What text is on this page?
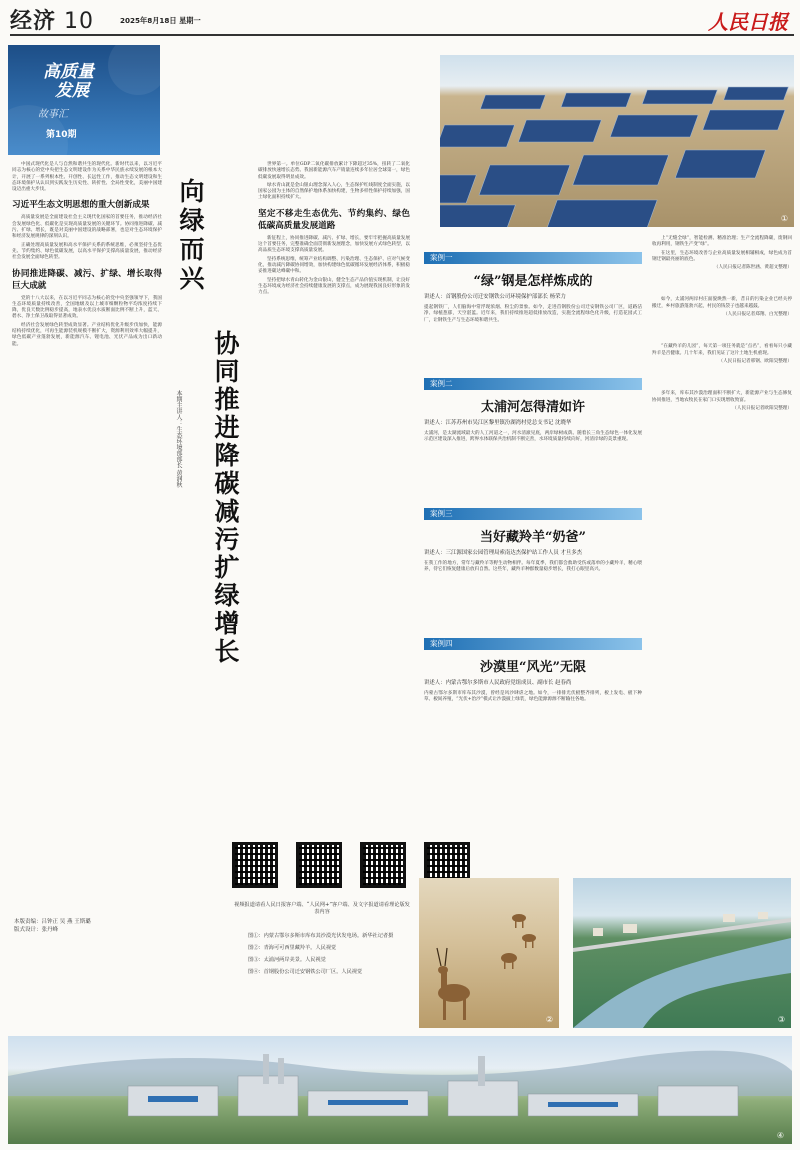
经济 10	2025年8月18日 星期一	人民日报
高质量
发展
故事汇
第10期

中国式现代化是人与自然和谐共生的现代化。新时代以来，以习近平同志为核心的党中央把生态文明建设作为关系中华民族永续发展的根本大计，开展了一系列根本性、开创性、长远性工作，推动生态文明建设和生态环境保护从认识到实践发生历史性、转折性、全局性变化，美丽中国建设迈出重大步伐。

习近平生态文明思想的重大创新成果

高质量发展是全面建设社会主义现代化国家的首要任务，推动经济社会发展绿色化、低碳化是实现高质量发展的关键环节。协同推进降碳、减污、扩绿、增长，既是对美丽中国建设的战略部署，也是对生态环境保护和经济发展规律的深刻认识。

正确处理高质量发展和高水平保护关系的系统思维，必须坚持生态优先、节约集约、绿色低碳发展，以高水平保护支撑高质量发展，推动经济社会发展全面绿色转型。

协同推进降碳、减污、扩绿、增长取得巨大成就

党的十八大以来，在以习近平同志为核心的党中央坚强领导下，我国生态环境质量持续改善，全国地级及以上城市细颗粒物平均浓度持续下降，优良天数比例稳步提高，地表水优良水质断面比例不断上升，蓝天、碧水、净土保卫战取得显著成效。

经济社会发展绿色转型成效显著。产业结构优化升级步伐加快，能源结构持续优化，可再生能源装机规模不断扩大，资源利用效率大幅提升，绿色低碳产业蓬勃发展，新能源汽车、锂电池、光伏产品成为出口新动能。

本版责编：吕钟正 吴 燕 王斯璐
版式设计：张丹峰
向绿而兴
协同推进降碳减污扩绿增长
本期主讲人：生态环境部部长 黄润秋

世界第一。单位GDP二氧化碳排放累计下降超过35%，扭转了二氧化碳排放快速增长态势。我国新能源汽车产销量连续多年位居全球第一，绿色低碳发展取得明显成效。

绿水青山就是金山银山理念深入人心，生态保护红线制度全面实施，以国家公园为主体的自然保护地体系加快构建，生物多样性保护持续加强，国土绿化面积持续扩大。

坚定不移走生态优先、节约集约、绿色低碳高质量发展道路

新征程上，协同推进降碳、减污、扩绿、增长，要牢牢把握高质量发展这个首要任务，完整准确全面贯彻新发展理念，加快发展方式绿色转型，以高品质生态环境支撑高质量发展。

坚持系统思维，统筹产业结构调整、污染治理、生态保护、应对气候变化，推动减污降碳协同增效，加快构建绿色低碳循环发展经济体系，积极稳妥推进碳达峰碳中和。

坚持把绿水青山转化为金山银山，健全生态产品价值实现机制，让良好生态环境成为经济社会持续健康发展的支撑点，成为展现我国良好形象的发力点。

①
案例一
“绿”钢是怎样炼成的
讲述人：首钢股份公司迁安钢铁公司环境保护部部长 杨荣力
提起钢铁厂，人们脑海中常浮现浓烟、粉尘的景象。如今，走进首钢股份公司迁安钢铁公司厂区，道路洁净、绿植葱郁，天空湛蓝。近年来，我们持续推进超低排放改造，实施全流程绿色化升级，打造花园式工厂，让钢铁生产与生态环境和谐共生。
案例二
太浦河怎得清如许
讲述人：江苏苏州市吴江区黎里镇汾湖湾村党总支书记 沈晓华
太浦河，是太湖流域最大的人工河道之一，河水清澈见底，两岸绿树成荫。随着长三角生态绿色一体化发展示范区建设深入推进，跨界水体联保共治机制不断完善，水环境质量持续向好，河清岸绿的美景重现。
案例三
当好藏羚羊“奶爸”
讲述人：三江源国家公园管理局索南达杰保护站工作人员 才旦多杰
在我工作的地方，常年与藏羚羊等野生动物相伴。每年夏季，我们都会救助受伤或落单的小藏羚羊，精心喂养，待它们恢复健康后放归自然。这些年，藏羚羊种群数量稳步增长，我打心眼里高兴。
案例四
沙漠里“风光”无限
讲述人：内蒙古鄂尔多斯市人民政府党组成员、副市长 赵春尚
内蒙古鄂尔多斯市库布其沙漠，曾经是风沙肆虐之地。如今，一排排光伏板整齐排列，板上发电、板下种草、板间养殖，“光伏+治沙”模式让沙漠披上绿装，绿色能源源源不断输往各地。

上“无缝全绿”，智能检测、精准治理；生产全流程降碳，废钢回收再利用，钢铁生产变“绿”。

在这里，生态环境改善与企业高质量发展相辅相成，绿色成为首钢迁钢最亮丽的底色。

（人民日报记者陈世涵、黄超文整理）

如今，太浦河两岸村庄面貌焕然一新，昔日的污染企业已经关停搬迁，乡村旅游蓬勃兴起，村民的钱袋子也越来越鼓。

（人民日报记者郑翔、白光整理）

“在藏羚羊的儿园”，每天第一项任务就是“点名”，看看每只小藏羚羊是否健康。几十年来，我们见证了这片土地生机重现。

（人民日报记者邢钢、欧阳昊整理）

多年来，库布其沙漠治理面积不断扩大，新能源产业与生态修复协同推进，当地农牧民在家门口实现增收致富。

（人民日报记者欧阳昊整理）
视频报道请看人民日报客户端、“人民网+”客户端、及文字报道请看理论版发表内容
图①：内蒙古鄂尔多斯市库布其沙漠光伏发电场。新华社记者摄
图②：青海可可西里藏羚羊。人民视觉
图③：太浦河两岸美景。人民视觉
图④：首钢股份公司迁安钢铁公司厂区。人民视觉
②	③
④
